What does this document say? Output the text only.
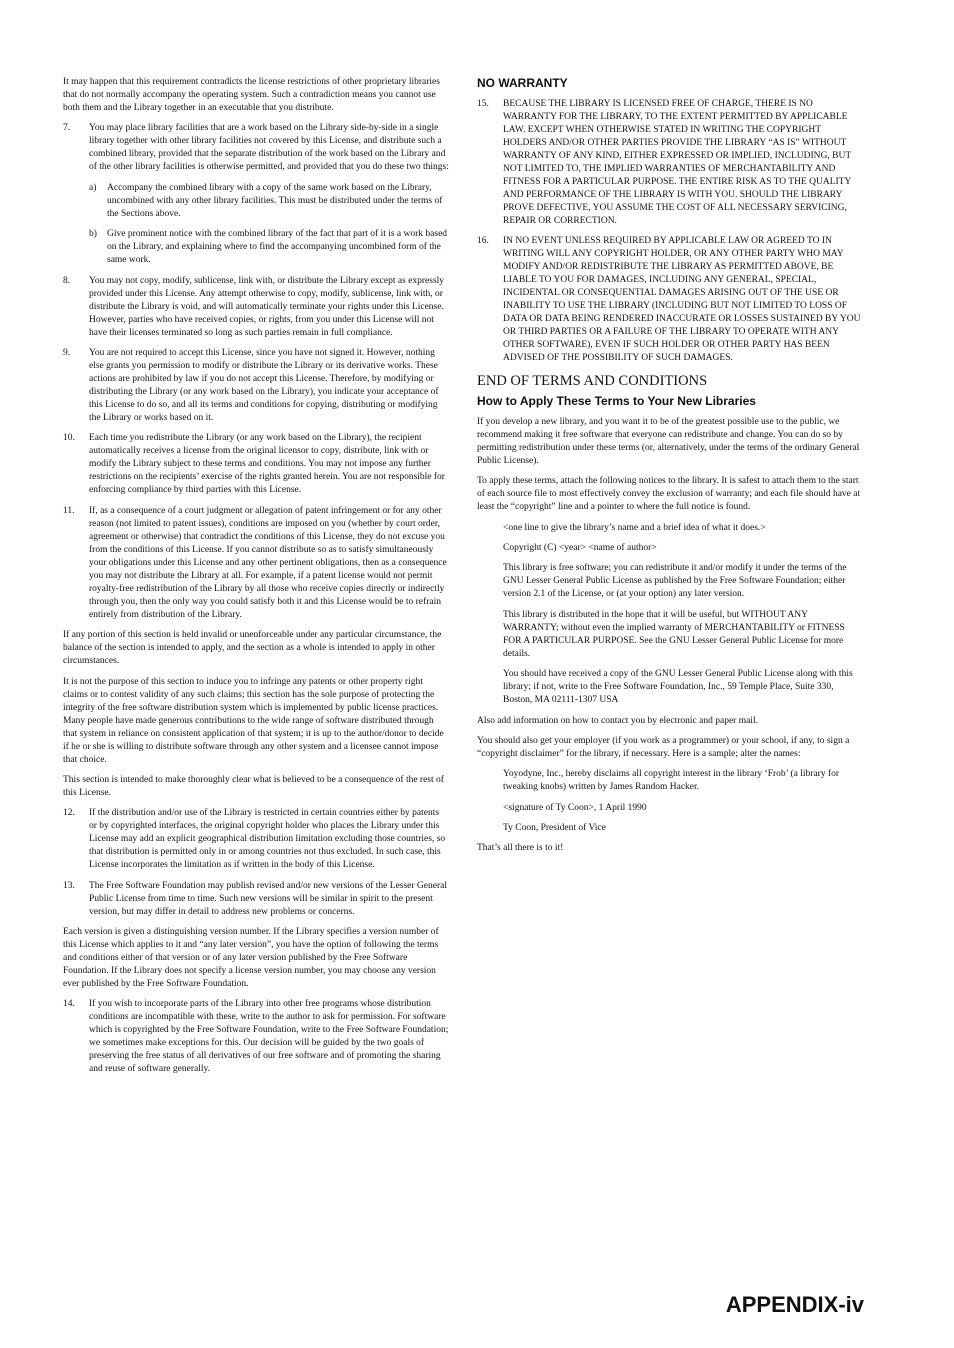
It may happen that this requirement contradicts the license restrictions of other proprietary libraries that do not normally accompany the operating system. Such a contradiction means you cannot use both them and the Library together in an executable that you distribute.

7. You may place library facilities that are a work based on the Library side-by-side in a single library together with other library facilities not covered by this License, and distribute such a combined library, provided that the separate distribution of the work based on the Library and of the other library facilities is otherwise permitted, and provided that you do these two things:
a) Accompany the combined library with a copy of the same work based on the Library, uncombined with any other library facilities. This must be distributed under the terms of the Sections above.
b) Give prominent notice with the combined library of the fact that part of it is a work based on the Library, and explaining where to find the accompanying uncombined form of the same work.
8. You may not copy, modify, sublicense, link with, or distribute the Library except as expressly provided under this License. Any attempt otherwise to copy, modify, sublicense, link with, or distribute the Library is void, and will automatically terminate your rights under this License. However, parties who have received copies, or rights, from you under this License will not have their licenses terminated so long as such parties remain in full compliance.
9. You are not required to accept this License, since you have not signed it. However, nothing else grants you permission to modify or distribute the Library or its derivative works. These actions are prohibited by law if you do not accept this License. Therefore, by modifying or distributing the Library (or any work based on the Library), you indicate your acceptance of this License to do so, and all its terms and conditions for copying, distributing or modifying the Library or works based on it.
10. Each time you redistribute the Library (or any work based on the Library), the recipient automatically receives a license from the original licensor to copy, distribute, link with or modify the Library subject to these terms and conditions. You may not impose any further restrictions on the recipients’ exercise of the rights granted herein. You are not responsible for enforcing compliance by third parties with this License.
11. If, as a consequence of a court judgment or allegation of patent infringement or for any other reason (not limited to patent issues), conditions are imposed on you (whether by court order, agreement or otherwise) that contradict the conditions of this License, they do not excuse you from the conditions of this License. If you cannot distribute so as to satisfy simultaneously your obligations under this License and any other pertinent obligations, then as a consequence you may not distribute the Library at all. For example, if a patent license would not permit royalty-free redistribution of the Library by all those who receive copies directly or indirectly through you, then the only way you could satisfy both it and this License would be to refrain entirely from distribution of the Library.

If any portion of this section is held invalid or unenforceable under any particular circumstance, the balance of the section is intended to apply, and the section as a whole is intended to apply in other circumstances.

It is not the purpose of this section to induce you to infringe any patents or other property right claims or to contest validity of any such claims; this section has the sole purpose of protecting the integrity of the free software distribution system which is implemented by public license practices. Many people have made generous contributions to the wide range of software distributed through that system in reliance on consistent application of that system; it is up to the author/donor to decide if he or she is willing to distribute software through any other system and a licensee cannot impose that choice.

This section is intended to make thoroughly clear what is believed to be a consequence of the rest of this License.

12. If the distribution and/or use of the Library is restricted in certain countries either by patents or by copyrighted interfaces, the original copyright holder who places the Library under this License may add an explicit geographical distribution limitation excluding those countries, so that distribution is permitted only in or among countries not thus excluded. In such case, this License incorporates the limitation as if written in the body of this License.
13. The Free Software Foundation may publish revised and/or new versions of the Lesser General Public License from time to time. Such new versions will be similar in spirit to the present version, but may differ in detail to address new problems or concerns.

Each version is given a distinguishing version number. If the Library specifies a version number of this License which applies to it and “any later version”, you have the option of following the terms and conditions either of that version or of any later version published by the Free Software Foundation. If the Library does not specify a license version number, you may choose any version ever published by the Free Software Foundation.

14. If you wish to incorporate parts of the Library into other free programs whose distribution conditions are incompatible with these, write to the author to ask for permission. For software which is copyrighted by the Free Software Foundation, write to the Free Software Foundation; we sometimes make exceptions for this. Our decision will be guided by the two goals of preserving the free status of all derivatives of our free software and of promoting the sharing and reuse of software generally.
NO WARRANTY
15. BECAUSE THE LIBRARY IS LICENSED FREE OF CHARGE, THERE IS NO WARRANTY FOR THE LIBRARY, TO THE EXTENT PERMITTED BY APPLICABLE LAW. EXCEPT WHEN OTHERWISE STATED IN WRITING THE COPYRIGHT HOLDERS AND/OR OTHER PARTIES PROVIDE THE LIBRARY “AS IS” WITHOUT WARRANTY OF ANY KIND, EITHER EXPRESSED OR IMPLIED, INCLUDING, BUT NOT LIMITED TO, THE IMPLIED WARRANTIES OF MERCHANTABILITY AND FITNESS FOR A PARTICULAR PURPOSE. THE ENTIRE RISK AS TO THE QUALITY AND PERFORMANCE OF THE LIBRARY IS WITH YOU. SHOULD THE LIBRARY PROVE DEFECTIVE, YOU ASSUME THE COST OF ALL NECESSARY SERVICING, REPAIR OR CORRECTION.
16. IN NO EVENT UNLESS REQUIRED BY APPLICABLE LAW OR AGREED TO IN WRITING WILL ANY COPYRIGHT HOLDER, OR ANY OTHER PARTY WHO MAY MODIFY AND/OR REDISTRIBUTE THE LIBRARY AS PERMITTED ABOVE, BE LIABLE TO YOU FOR DAMAGES, INCLUDING ANY GENERAL, SPECIAL, INCIDENTAL OR CONSEQUENTIAL DAMAGES ARISING OUT OF THE USE OR INABILITY TO USE THE LIBRARY (INCLUDING BUT NOT LIMITED TO LOSS OF DATA OR DATA BEING RENDERED INACCURATE OR LOSSES SUSTAINED BY YOU OR THIRD PARTIES OR A FAILURE OF THE LIBRARY TO OPERATE WITH ANY OTHER SOFTWARE), EVEN IF SUCH HOLDER OR OTHER PARTY HAS BEEN ADVISED OF THE POSSIBILITY OF SUCH DAMAGES.
END OF TERMS AND CONDITIONS
How to Apply These Terms to Your New Libraries

If you develop a new library, and you want it to be of the greatest possible use to the public, we recommend making it free software that everyone can redistribute and change. You can do so by permitting redistribution under these terms (or, alternatively, under the terms of the ordinary General Public License).

To apply these terms, attach the following notices to the library. It is safest to attach them to the start of each source file to most effectively convey the exclusion of warranty; and each file should have at least the “copyright” line and a pointer to where the full notice is found.

<one line to give the library’s name and a brief idea of what it does.>

Copyright (C) <year> <name of author>

This library is free software; you can redistribute it and/or modify it under the terms of the GNU Lesser General Public License as published by the Free Software Foundation; either version 2.1 of the License, or (at your option) any later version.

This library is distributed in the hope that it will be useful, but WITHOUT ANY WARRANTY; without even the implied warranty of MERCHANTABILITY or FITNESS FOR A PARTICULAR PURPOSE. See the GNU Lesser General Public License for more details.

You should have received a copy of the GNU Lesser General Public License along with this library; if not, write to the Free Software Foundation, Inc., 59 Temple Place, Suite 330, Boston, MA 02111-1307 USA

Also add information on how to contact you by electronic and paper mail.

You should also get your employer (if you work as a programmer) or your school, if any, to sign a “copyright disclaimer” for the library, if necessary. Here is a sample; alter the names:

Yoyodyne, Inc., hereby disclaims all copyright interest in the library ‘Frob’ (a library for tweaking knobs) written by James Random Hacker.

<signature of Ty Coon>, 1 April 1990

Ty Coon, President of Vice

That’s all there is to it!

APPENDIX-iv
